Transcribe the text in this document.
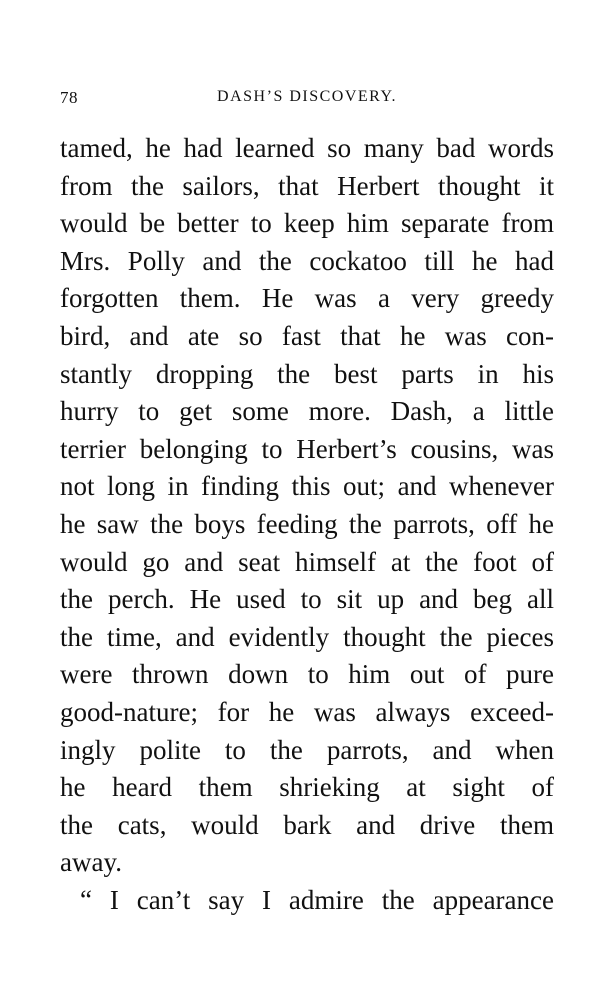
78	DASH’S DISCOVERY.
tamed, he had learned so many bad words
from the sailors, that Herbert thought it
would be better to keep him separate from
Mrs. Polly and the cockatoo till he had
forgotten them. He was a very greedy
bird, and ate so fast that he was con-
stantly dropping the best parts in his
hurry to get some more. Dash, a little
terrier belonging to Herbert’s cousins, was
not long in finding this out; and whenever
he saw the boys feeding the parrots, off he
would go and seat himself at the foot of
the perch. He used to sit up and beg all
the time, and evidently thought the pieces
were thrown down to him out of pure
good-nature; for he was always exceed-
ingly polite to the parrots, and when
he heard them shrieking at sight of
the cats, would bark and drive them
away.
“ I can’t say I admire the appearance
